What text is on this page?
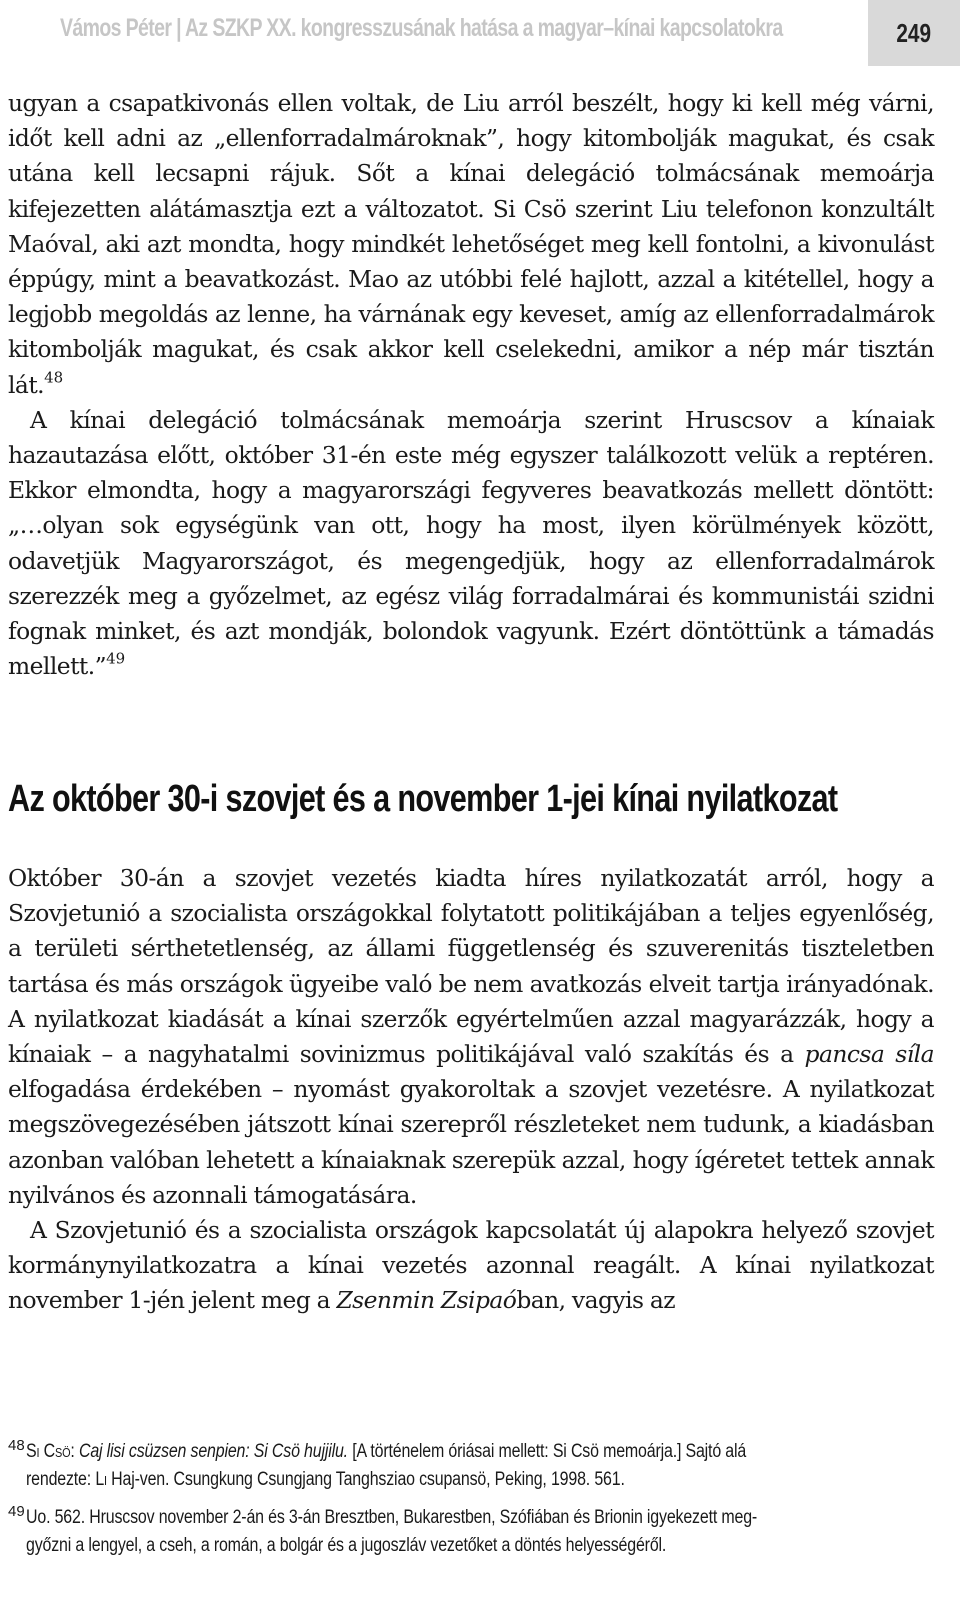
Vámos Péter | Az SZKP XX. kongresszusának hatása a magyar–kínai kapcsolatokra	249

ugyan a csapatkivonás ellen voltak, de Liu arról beszélt, hogy ki kell még várni, időt kell adni az „ellenforradalmároknak”, hogy kitombolják magukat, és csak utána kell lecsapni rájuk. Sőt a kínai delegáció tolmácsának memoárja kifejezetten alátámasztja ezt a változatot. Si Csö szerint Liu telefonon konzultált Maóval, aki azt mondta, hogy mindkét lehetőséget meg kell fontolni, a kivonulást éppúgy, mint a beavatkozást. Mao az utóbbi felé hajlott, azzal a kitétellel, hogy a legjobb megoldás az lenne, ha várnának egy keveset, amíg az ellenforradalmárok kitombolják magukat, és csak akkor kell cselekedni, amikor a nép már tisztán lát.$^{48}$

A kínai delegáció tolmácsának memoárja szerint Hruscsov a kínaiak hazautazása előtt, október 31-én este még egyszer találkozott velük a reptéren. Ekkor elmondta, hogy a magyarországi fegyveres beavatkozás mellett döntött: „…olyan sok egységünk van ott, hogy ha most, ilyen körülmények között, odavetjük Magyarországot, és megengedjük, hogy az ellenforradalmárok szerezzék meg a győzelmet, az egész világ forradalmárai és kommunistái szidni fognak minket, és azt mondják, bolondok vagyunk. Ezért döntöttünk a támadás mellett.”$^{49}$

Az október 30-i szovjet és a november 1-jei kínai nyilatkozat

Október 30-án a szovjet vezetés kiadta híres nyilatkozatát arról, hogy a Szovjetunió a szocialista országokkal folytatott politikájában a teljes egyenlőség, a területi sérthetetlenség, az állami függetlenség és szuverenitás tiszteletben tartása és más országok ügyeibe való be nem avatkozás elveit tartja irányadónak. A nyilatkozat kiadását a kínai szerzők egyértelműen azzal magyarázzák, hogy a kínaiak – a nagyhatalmi sovinizmus politikájával való szakítás és a pancsa síla elfogadása érdekében – nyomást gyakoroltak a szovjet vezetésre. A nyilatkozat megszövegezésében játszott kínai szerepről részleteket nem tudunk, a kiadásban azonban valóban lehetett a kínaiaknak szerepük azzal, hogy ígéretet tettek annak nyilvános és azonnali támogatására.

A Szovjetunió és a szocialista országok kapcsolatát új alapokra helyező szovjet kormánynyilatkozatra a kínai vezetés azonnal reagált. A kínai nyilatkozat november 1-jén jelent meg a Zsenmin Zsipaóban, vagyis az

48 Si Csö: Caj lisi csüzsen senpien: Si Csö hujjilu. [A történelem óriásai mellett: Si Csö memoárja.] Sajtó alá
rendezte: Li Haj-ven. Csungkung Csungjang Tanghsziao csupansö, Peking, 1998. 561.
49 Uo. 562. Hruscsov november 2-án és 3-án Bresztben, Bukarestben, Szófiában és Brionin igyekezett meg-
győzni a lengyel, a cseh, a román, a bolgár és a jugoszláv vezetőket a döntés helyességéről.
